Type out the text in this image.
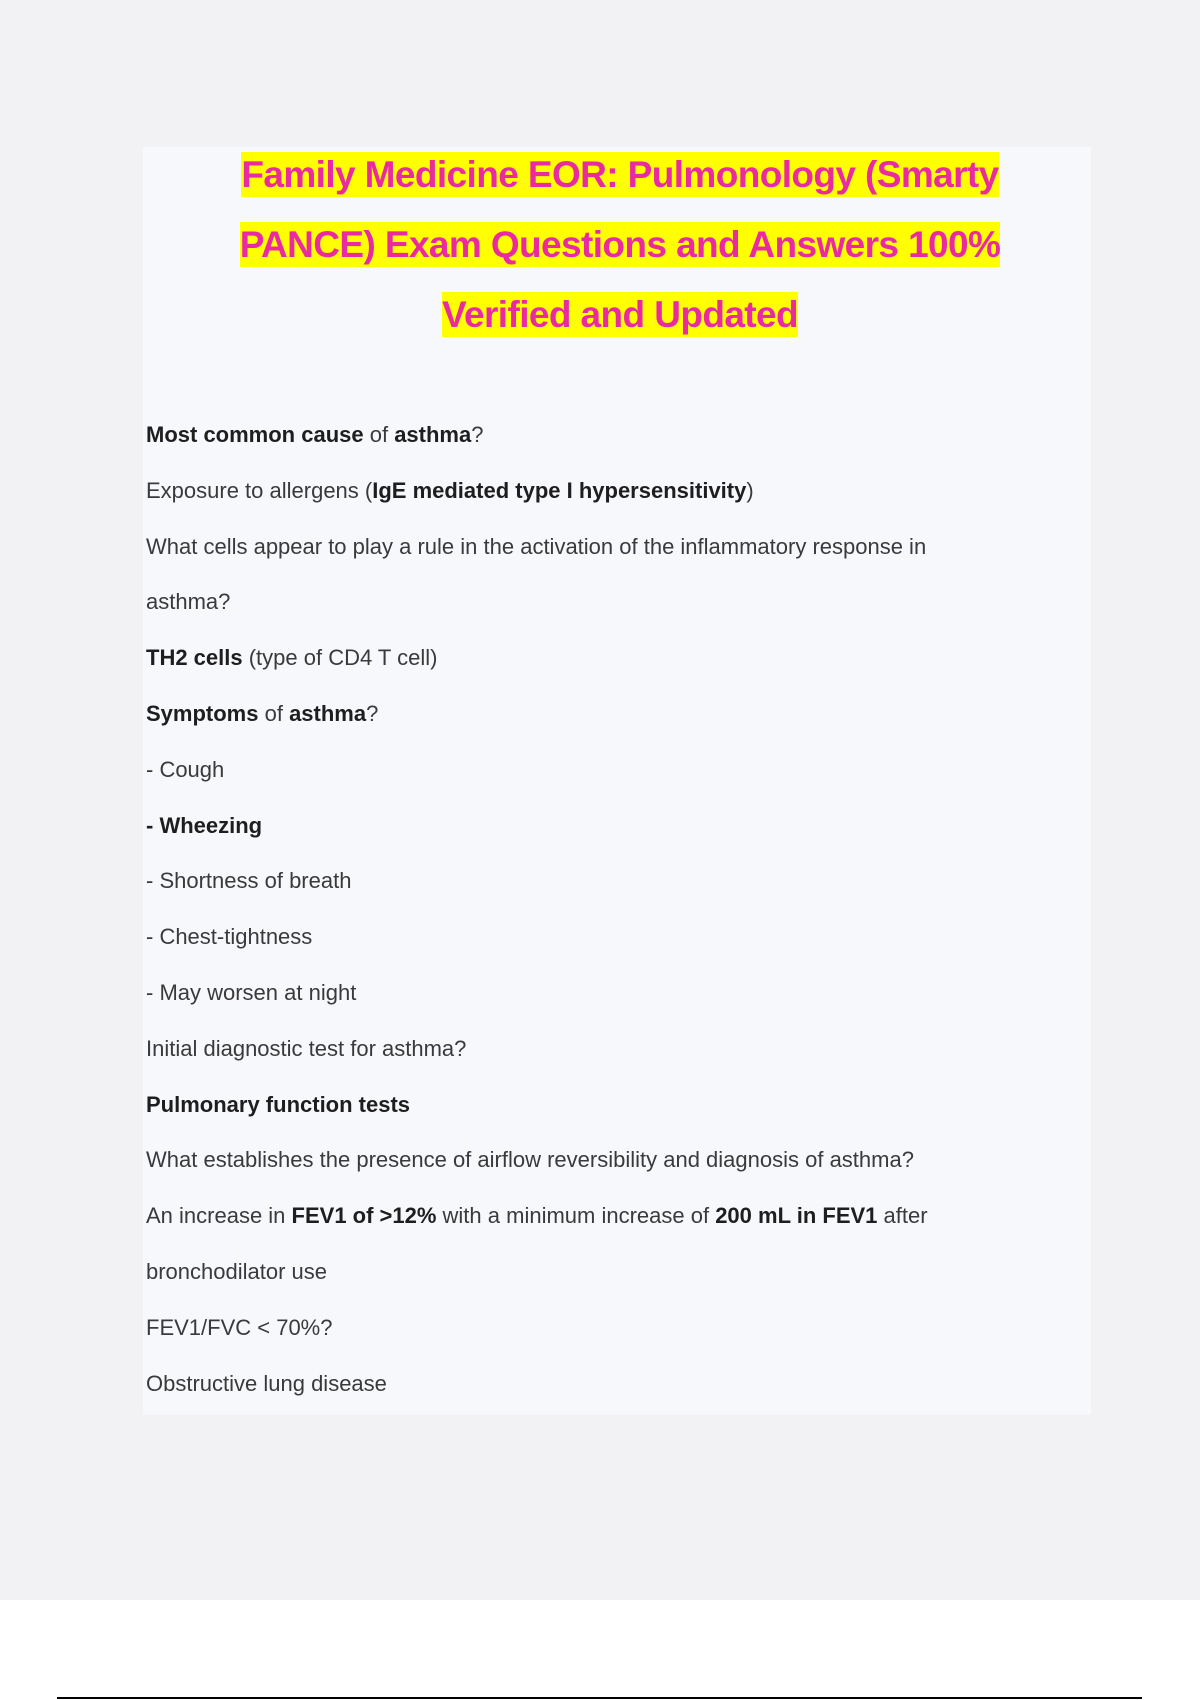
Family Medicine EOR: Pulmonology (Smarty PANCE) Exam Questions and Answers 100% Verified and Updated
Most common cause of asthma?
Exposure to allergens (IgE mediated type I hypersensitivity)
What cells appear to play a rule in the activation of the inflammatory response in
asthma?
TH2 cells (type of CD4 T cell)
Symptoms of asthma?
- Cough
- Wheezing
- Shortness of breath
- Chest-tightness
- May worsen at night
Initial diagnostic test for asthma?
Pulmonary function tests
What establishes the presence of airflow reversibility and diagnosis of asthma?
An increase in FEV1 of >12% with a minimum increase of 200 mL in FEV1 after
bronchodilator use
FEV1/FVC < 70%?
Obstructive lung disease
